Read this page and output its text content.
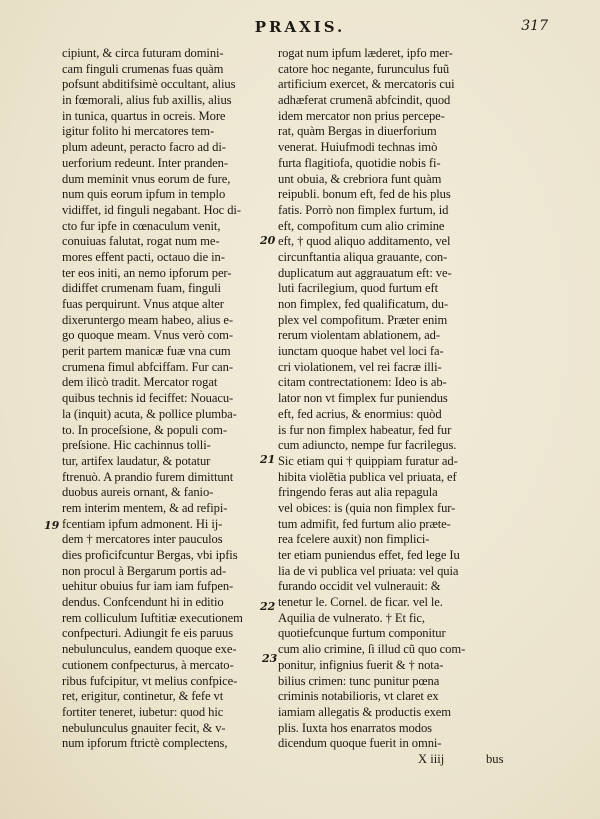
PRAXIS.	317
cipiunt, & circa futuram domini-
cam finguli crumenas fuas quàm
pofsunt abditifsimè occultant, alius
in fœmorali, alius fub axillis, alius
in tunica, quartus in ocreis. More
igitur folito hi mercatores tem-
plum adeunt, peracto facro ad di-
uerforium redeunt. Inter pranden-
dum meminit vnus eorum de fure,
num quis eorum ipfum in templo
vidiffet, id finguli negabant. Hoc di-
cto fur ipfe in cœnaculum venit,
conuiuas falutat, rogat num me-
mores effent pacti, octauo die in-
ter eos initi, an nemo ipforum per-
didiffet crumenam fuam, finguli
fuas perquirunt. Vnus atque alter
dixeruntergo meam habeo, alius e-
go quoque meam. Vnus verò com-
perit partem manicæ fuæ vna cum
crumena fimul abfciffam. Fur can-
dem ilicò tradit. Mercator rogat
quibus technis id feciffet: Nouacu-
la (inquit) acuta, & pollice plumba-
to. In proceſsione, & populi com-
preſsione. Hic cachinnus tolli-
tur, artifex laudatur, & potatur
ftrenuò. A prandio furem dimittunt
duobus aureis ornant, & fanio-
rem interim mentem, & ad refipi-
fcentiam ipfum admonent. Hi ij-
dem † mercatores inter pauculos
dies proficifcuntur Bergas, vbi ipfis
non procul à Bergarum portis ad-
uehitur obuius fur iam iam fufpen-
dendus. Confcendunt hi in editio
rem colliculum Iuftitiæ executionem
confpecturi. Adiungit fe eis paruus
nebulunculus, eandem quoque exe-
cutionem confpecturus, à mercato-
ribus fufcipitur, vt melius confpice-
ret, erigitur, continetur, & fefe vt
fortiter teneret, iubetur: quod hic
nebulunculus gnauiter fecit, & v-
num ipforum ftrictè complectens,
rogat num ipfum læderet, ipfo mer-
catore hoc negante, furunculus fuũ
artificium exercet, & mercatoris cui
adhæferat crumenã abfcindit, quod
idem mercator non prius percepe-
rat, quàm Bergas in diuerforium
venerat. Huiufmodi technas imò
furta flagitiofa, quotidie nobis fi-
unt obuia, & crebriora funt quàm
reipubli. bonum eft, fed de his plus
fatis. Porrò non fimplex furtum, id
eft, compofitum cum alio crimine
eft, † quod aliquo additamento, vel
circunftantia aliqua grauante, con-
duplicatum aut aggrauatum eft: ve-
luti facrilegium, quod furtum eft
non fimplex, fed qualificatum, du-
plex vel compofitum. Præter enim
rerum violentam ablationem, ad-
iunctam quoque habet vel loci fa-
cri violationem, vel rei facræ illi-
citam contrectationem: Ideo is ab-
lator non vt fimplex fur puniendus
eft, fed acrius, & enormius: quòd
is fur non fimplex habeatur, fed fur
cum adiuncto, nempe fur facrilegus.
Sic etiam qui † quippiam furatur ad-
hibita violẽtia publica vel priuata, ef
fringendo feras aut alia repagula
vel obices: is (quia non fimplex fur-
tum admifit, fed furtum alio præte-
rea fcelere auxit) non fimplici-
ter etiam puniendus effet, fed lege Iu
lia de vi publica vel priuata: vel quia
furando occidit vel vulnerauit: &
tenetur le. Cornel. de ficar. vel le.
Aquilia de vulnerato. † Et fic,
quotiefcunque furtum componitur
cum alio crimine, ſi illud cũ quo com-
ponitur, infignius fuerit & † nota-
bilius crimen: tunc punitur pœna
criminis notabilioris, vt claret ex
iamiam allegatis & productis exem
plis. Iuxta hos enarratos modos
dicendum quoque fuerit in omni-
20
21
19
22
23
X iiij	bus
